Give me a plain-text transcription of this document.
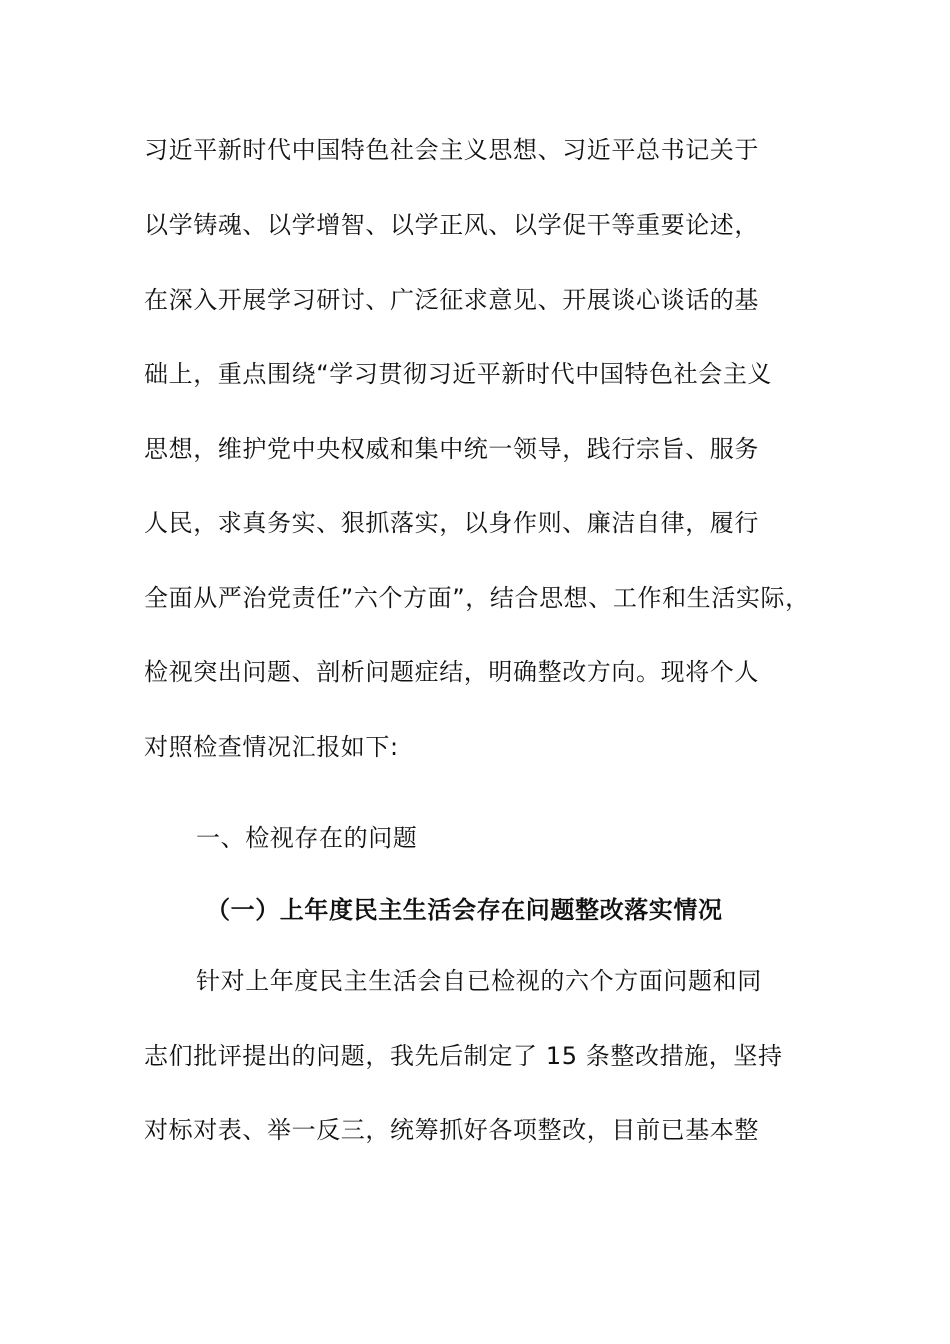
习近平新时代中国特色社会主义思想、习近平总书记关于
以学铸魂、以学增智、以学正风、以学促干等重要论述，
在深入开展学习研讨、广泛征求意见、开展谈心谈话的基
础上，重点围绕“学习贯彻习近平新时代中国特色社会主义
思想，维护党中央权威和集中统一领导，践行宗旨、服务
人民，求真务实、狠抓落实，以身作则、廉洁自律，履行
全面从严治党责任”六个方面”，结合思想、工作和生活实际，
检视突出问题、剖析问题症结，明确整改方向。现将个人
对照检查情况汇报如下:
一、检视存在的问题
（一）上年度民主生活会存在问题整改落实情况
针对上年度民主生活会自已检视的六个方面问题和同
志们批评提出的问题，我先后制定了 15 条整改措施，坚持
对标对表、举一反三，统筹抓好各项整改，目前已基本整
